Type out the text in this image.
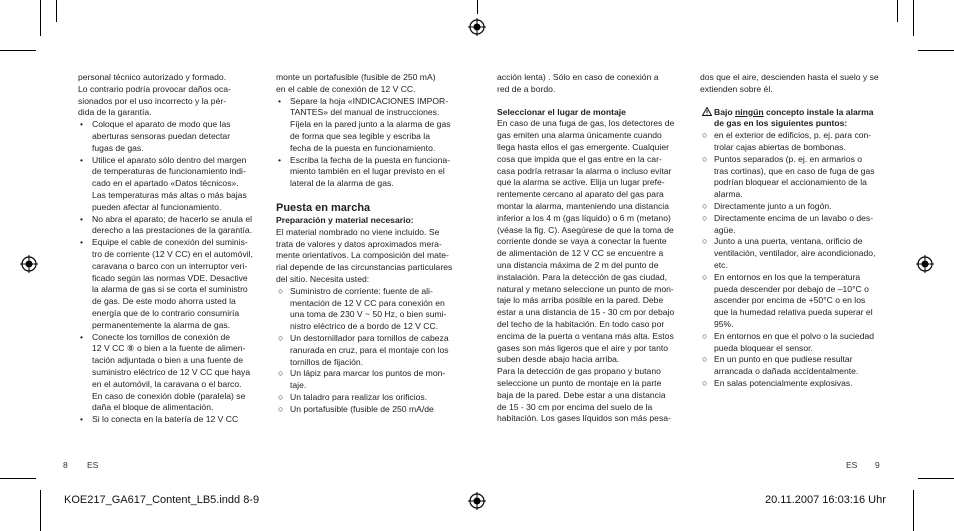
personal técnico autorizado y formado.
Lo contrario podría provocar daños oca-
sionados por el uso incorrecto y la pér-
dida de la garantía.

• Coloque el aparato de modo que las
aberturas sensoras puedan detectar
fugas de gas.
• Utilice el aparato sólo dentro del margen
de temperaturas de funcionamiento indi-
cado en el apartado «Datos técnicos».
Las temperaturas más altas o más bajas
pueden afectar al funcionamiento.
• No abra el aparato; de hacerlo se anula el
derecho a las prestaciones de la garantía.
• Equipe el cable de conexión del suminis-
tro de corriente (12 V CC) en el automóvil,
caravana o barco con un interruptor veri-
ficado según las normas VDE. Desactive
la alarma de gas si se corta el suministro
de gas. De este modo ahorra usted la
energía que de lo contrario consumiría
permanentemente la alarma de gas.
• Conecte los tornillos de conexión de
12 V CC ⑧ o bien a la fuente de alimen-
tación adjuntada o bien a una fuente de
suministro eléctrico de 12 V CC que haya
en el automóvil, la caravana o el barco.
En caso de conexión doble (paralela) se
daña el bloque de alimentación.
• Si lo conecta en la batería de 12 V CC

monte un portafusible (fusible de 250 mA)
en el cable de conexión de 12 V CC.

• Separe la hoja «INDICACIONES IMPOR-
TANTES» del manual de instrucciones.
Fíjela en la pared junto a la alarma de gas
de forma que sea legible y escriba la
fecha de la puesta en funcionamiento.
• Escriba la fecha de la puesta en funciona-
miento también en el lugar previsto en el
lateral de la alarma de gas.

Puesta en marcha

Preparación y material necesario:

El material nombrado no viene incluido. Se
trata de valores y datos aproximados mera-
mente orientativos. La composición del mate-
rial depende de las circunstancias particulares
del sitio. Necesita usted:

○ Suministro de corriente: fuente de ali-
mentación de 12 V CC para conexión en
una toma de 230 V ~ 50 Hz, o bien sumi-
nistro eléctrico de a bordo de 12 V CC.
○ Un destornillador para tornillos de cabeza
ranurada en cruz, para el montaje con los
tornillos de fijación.
○ Un lápiz para marcar los puntos de mon-
taje.
○ Un taladro para realizar los orificios.
○ Un portafusible (fusible de 250 mA/de

acción lenta) . Sólo en caso de conexión a
red de a bordo.

Seleccionar el lugar de montaje

En caso de una fuga de gas, los detectores de
gas emiten una alarma únicamente cuando
llega hasta ellos el gas emergente. Cualquier
cosa que impida que el gas entre en la car-
casa podría retrasar la alarma o incluso evitar
que la alarma se active. Elija un lugar prefe-
rentemente cercano al aparato del gas para
montar la alarma, manteniendo una distancia
inferior a los 4 m (gas líquido) o 6 m (metano)
(véase la fig. C). Asegúrese de que la toma de
corriente donde se vaya a conectar la fuente
de alimentación de 12 V CC se encuentre a
una distancia máxima de 2 m del punto de
instalación. Para la detección de gas ciudad,
natural y metano seleccione un punto de mon-
taje lo más arriba posible en la pared. Debe
estar a una distancia de 15 - 30 cm por debajo
del techo de la habitación. En todo caso por
encima de la puerta o ventana más alta. Estos
gases son más ligeros que el aire y por tanto
suben desde abajo hacia arriba.
Para la detección de gas propano y butano
seleccione un punto de montaje en la parte
baja de la pared. Debe estar a una distancia
de 15 - 30 cm por encima del suelo de la
habitación. Los gases líquidos son más pesa-

dos que el aire, descienden hasta el suelo y se
extienden sobre él.

Bajo ningún concepto instale la alarma
de gas en los siguientes puntos:
○ en el exterior de edificios, p. ej. para con-
trolar cajas abiertas de bombonas.
○ Puntos separados (p. ej. en armarios o
tras cortinas), que en caso de fuga de gas
podrían bloquear el accionamiento de la
alarma.
○ Directamente junto a un fogón.
○ Directamente encima de un lavabo o des-
agüe.
○ Junto a una puerta, ventana, orificio de
ventilación, ventilador, aire acondicionado,
etc.
○ En entornos en los que la temperatura
pueda descender por debajo de –10°C o
ascender por encima de +50°C o en los
que la humedad relativa pueda superar el
95%.
○ En entornos en que el polvo o la suciedad
pueda bloquear el sensor.
○ En un punto en que pudiese resultar
arrancada o dañada accidentalmente.
○ En salas potencialmente explosivas.
8 ES	ES 9
KOE217_GA617_Content_LB5.indd 8-9	20.11.2007 16:03:16 Uhr
